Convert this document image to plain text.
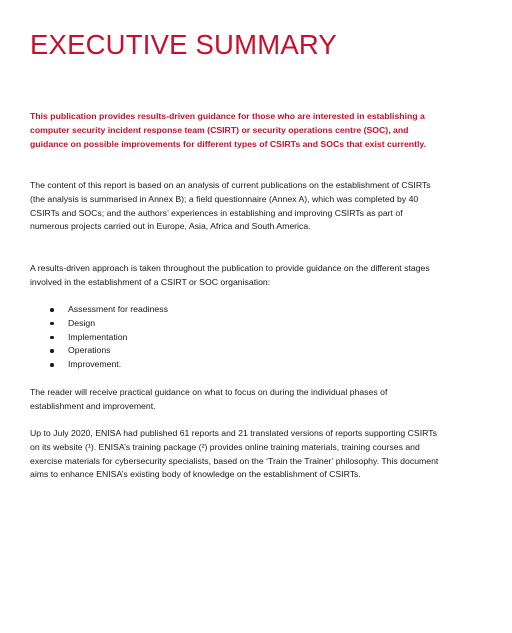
EXECUTIVE SUMMARY

This publication provides results-driven guidance for those who are interested in establishing a computer security incident response team (CSIRT) or security operations centre (SOC), and guidance on possible improvements for different types of CSIRTs and SOCs that exist currently.

The content of this report is based on an analysis of current publications on the establishment of CSIRTs (the analysis is summarised in Annex B); a field questionnaire (Annex A), which was completed by 40 CSIRTs and SOCs; and the authors’ experiences in establishing and improving CSIRTs as part of numerous projects carried out in Europe, Asia, Africa and South America.

A results-driven approach is taken throughout the publication to provide guidance on the different stages involved in the establishment of a CSIRT or SOC organisation:

Assessment for readiness
Design
Implementation
Operations
Improvement.

The reader will receive practical guidance on what to focus on during the individual phases of establishment and improvement.

Up to July 2020, ENISA had published 61 reports and 21 translated versions of reports supporting CSIRTs on its website (¹). ENISA’s training package (²) provides online training materials, training courses and exercise materials for cybersecurity specialists, based on the ‘Train the Trainer’ philosophy. This document aims to enhance ENISA’s existing body of knowledge on the establishment of CSIRTs.
